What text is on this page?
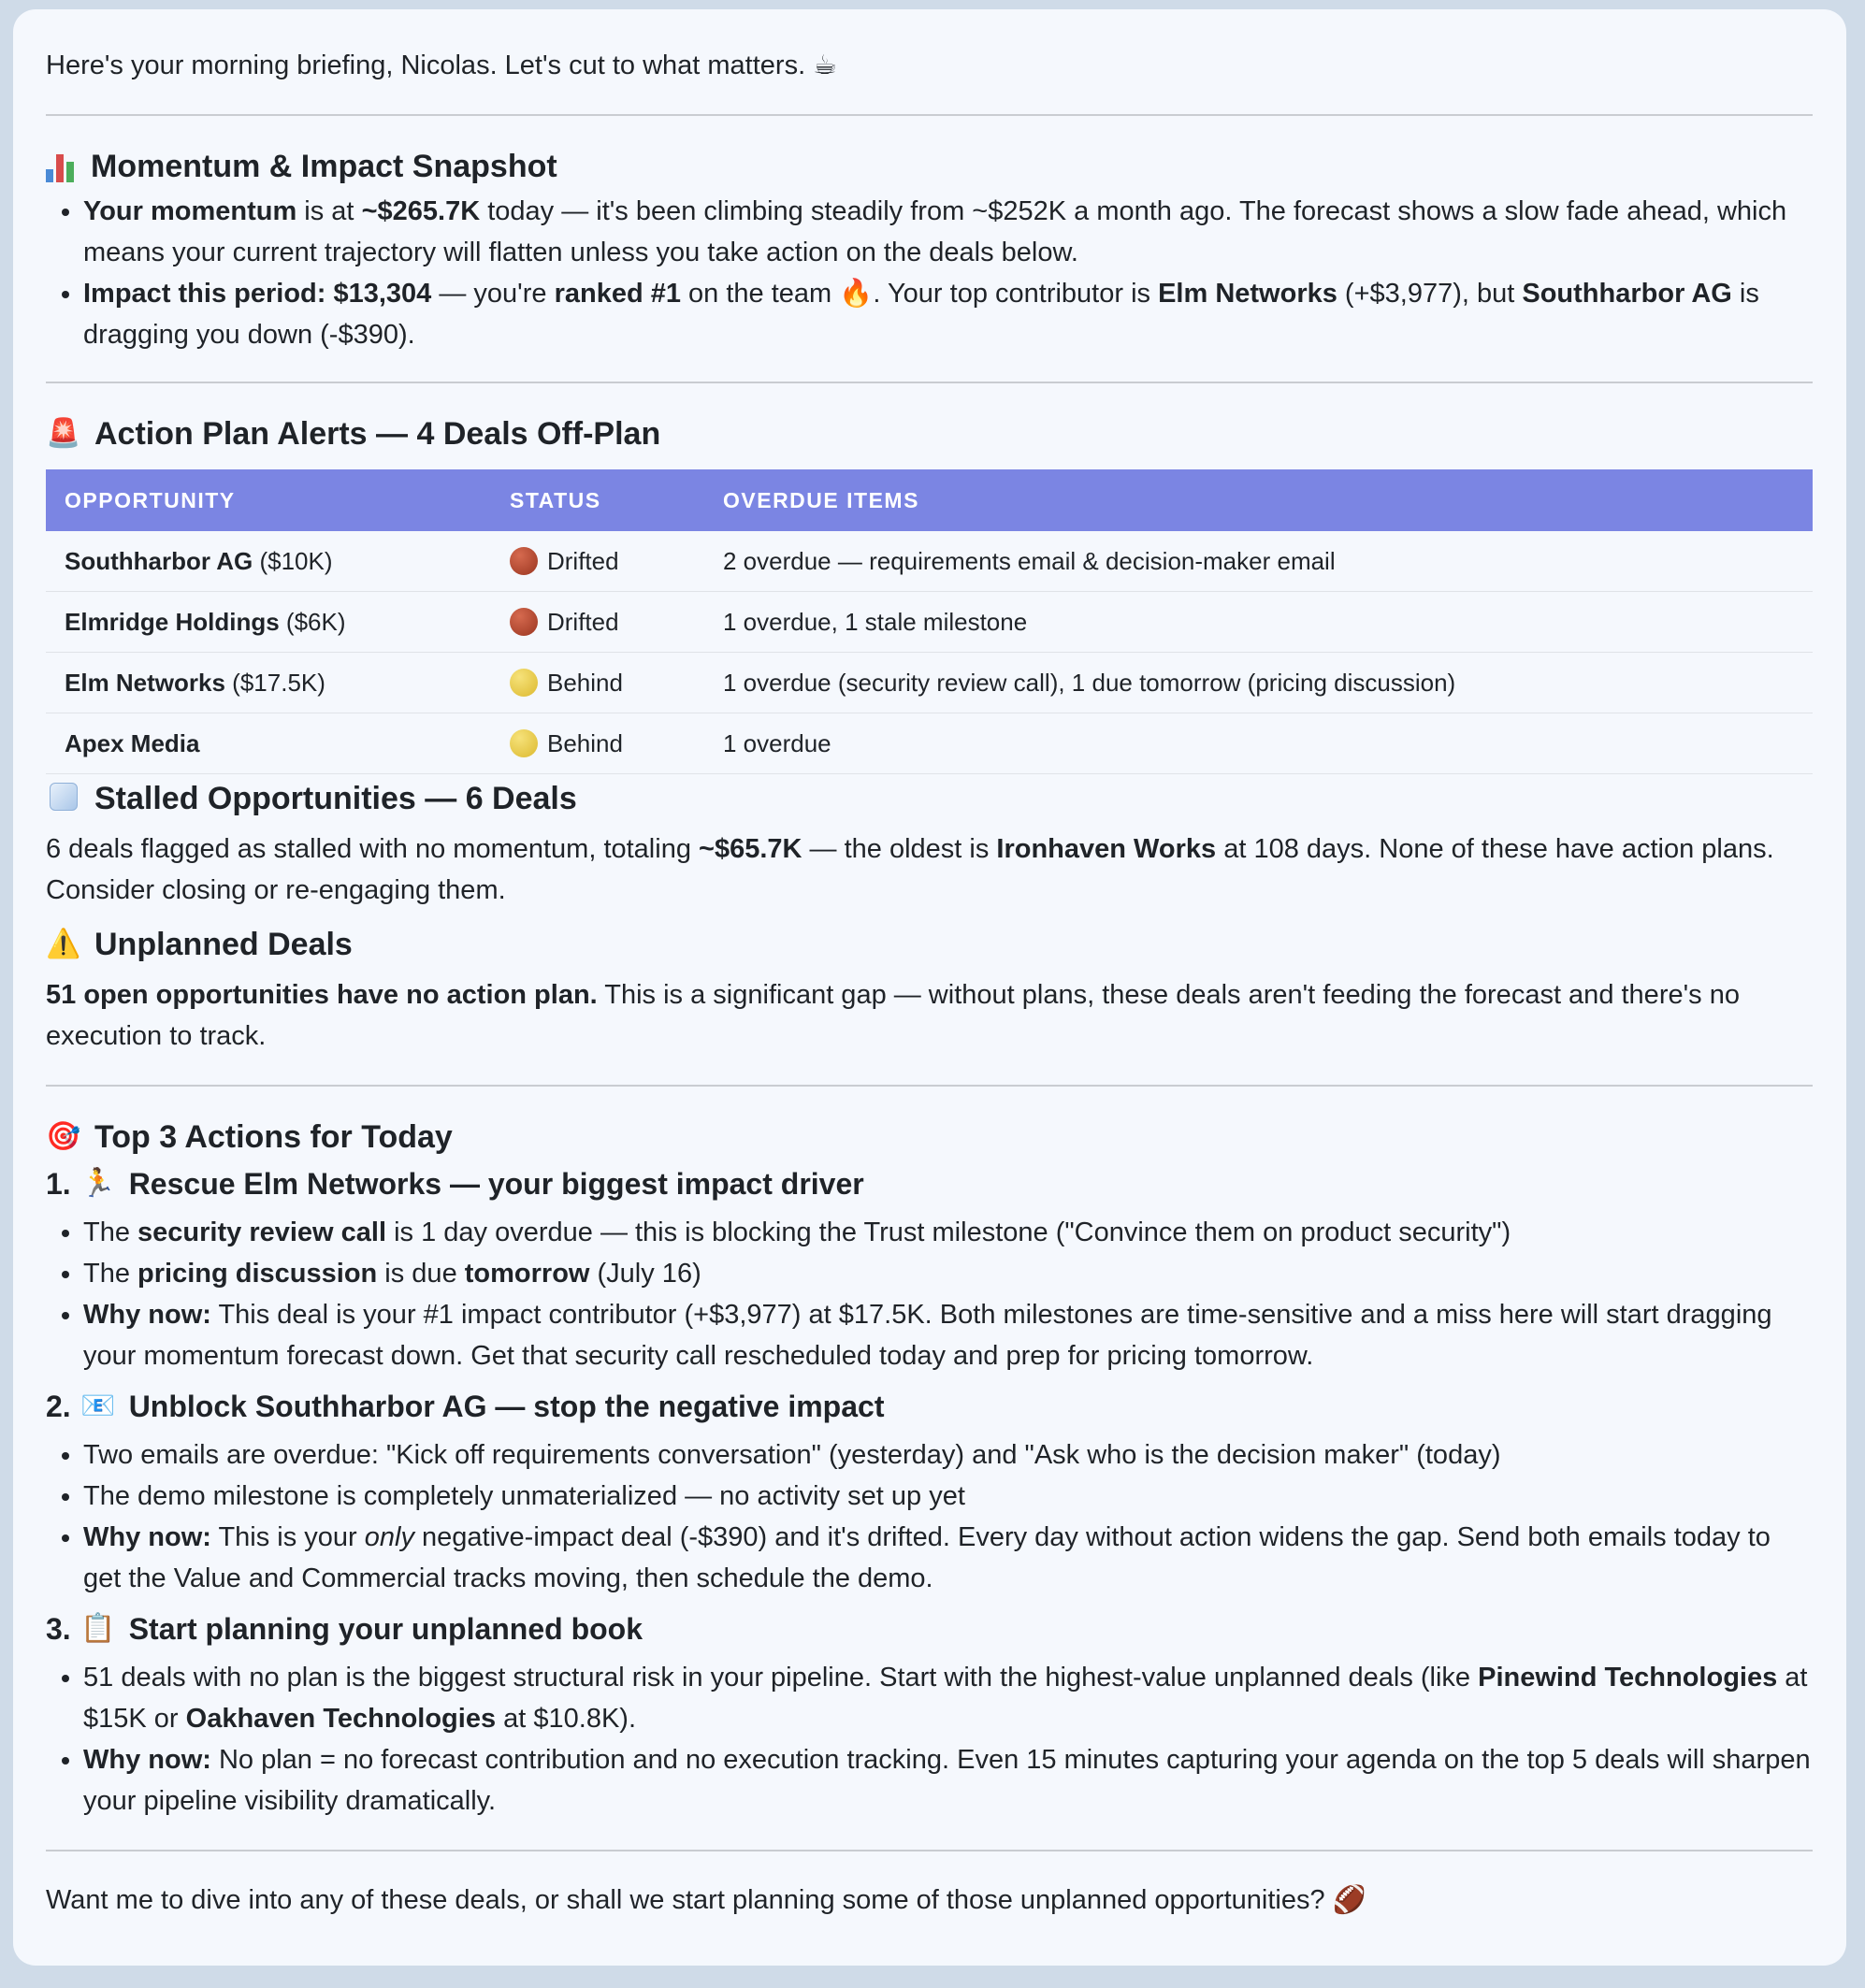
Here's your morning briefing, Nicolas. Let's cut to what matters. ☕

Momentum & Impact Snapshot
• Your momentum is at ~$265.7K today — it's been climbing steadily from ~$252K a month ago. The forecast shows a slow fade ahead, which means your current trajectory will flatten unless you take action on the deals below.
• Impact this period: $13,304 — you're ranked #1 on the team 🔥. Your top contributor is Elm Networks (+$3,977), but Southharbor AG is dragging you down (-$390).
🚨 Action Plan Alerts — 4 Deals Off-Plan
OPPORTUNITY	STATUS	OVERDUE ITEMS
Southharbor AG ($10K)	Drifted	2 overdue — requirements email & decision-maker email
Elmridge Holdings ($6K)	Drifted	1 overdue, 1 stale milestone
Elm Networks ($17.5K)	Behind	1 overdue (security review call), 1 due tomorrow (pricing discussion)
Apex Media	Behind	1 overdue
Stalled Opportunities — 6 Deals

6 deals flagged as stalled with no momentum, totaling ~$65.7K — the oldest is Ironhaven Works at 108 days. None of these have action plans. Consider closing or re-engaging them.

⚠️ Unplanned Deals

51 open opportunities have no action plan. This is a significant gap — without plans, these deals aren't feeding the forecast and there's no execution to track.

🎯 Top 3 Actions for Today
1. 🏃 Rescue Elm Networks — your biggest impact driver
• The security review call is 1 day overdue — this is blocking the Trust milestone ("Convince them on product security")
• The pricing discussion is due tomorrow (July 16)
• Why now: This deal is your #1 impact contributor (+$3,977) at $17.5K. Both milestones are time-sensitive and a miss here will start dragging your momentum forecast down. Get that security call rescheduled today and prep for pricing tomorrow.
2. 📧 Unblock Southharbor AG — stop the negative impact
• Two emails are overdue: "Kick off requirements conversation" (yesterday) and "Ask who is the decision maker" (today)
• The demo milestone is completely unmaterialized — no activity set up yet
• Why now: This is your only negative-impact deal (-$390) and it's drifted. Every day without action widens the gap. Send both emails today to get the Value and Commercial tracks moving, then schedule the demo.
3. 📋 Start planning your unplanned book
• 51 deals with no plan is the biggest structural risk in your pipeline. Start with the highest-value unplanned deals (like Pinewind Technologies at $15K or Oakhaven Technologies at $10.8K).
• Why now: No plan = no forecast contribution and no execution tracking. Even 15 minutes capturing your agenda on the top 5 deals will sharpen your pipeline visibility dramatically.

Want me to dive into any of these deals, or shall we start planning some of those unplanned opportunities? 🏈
